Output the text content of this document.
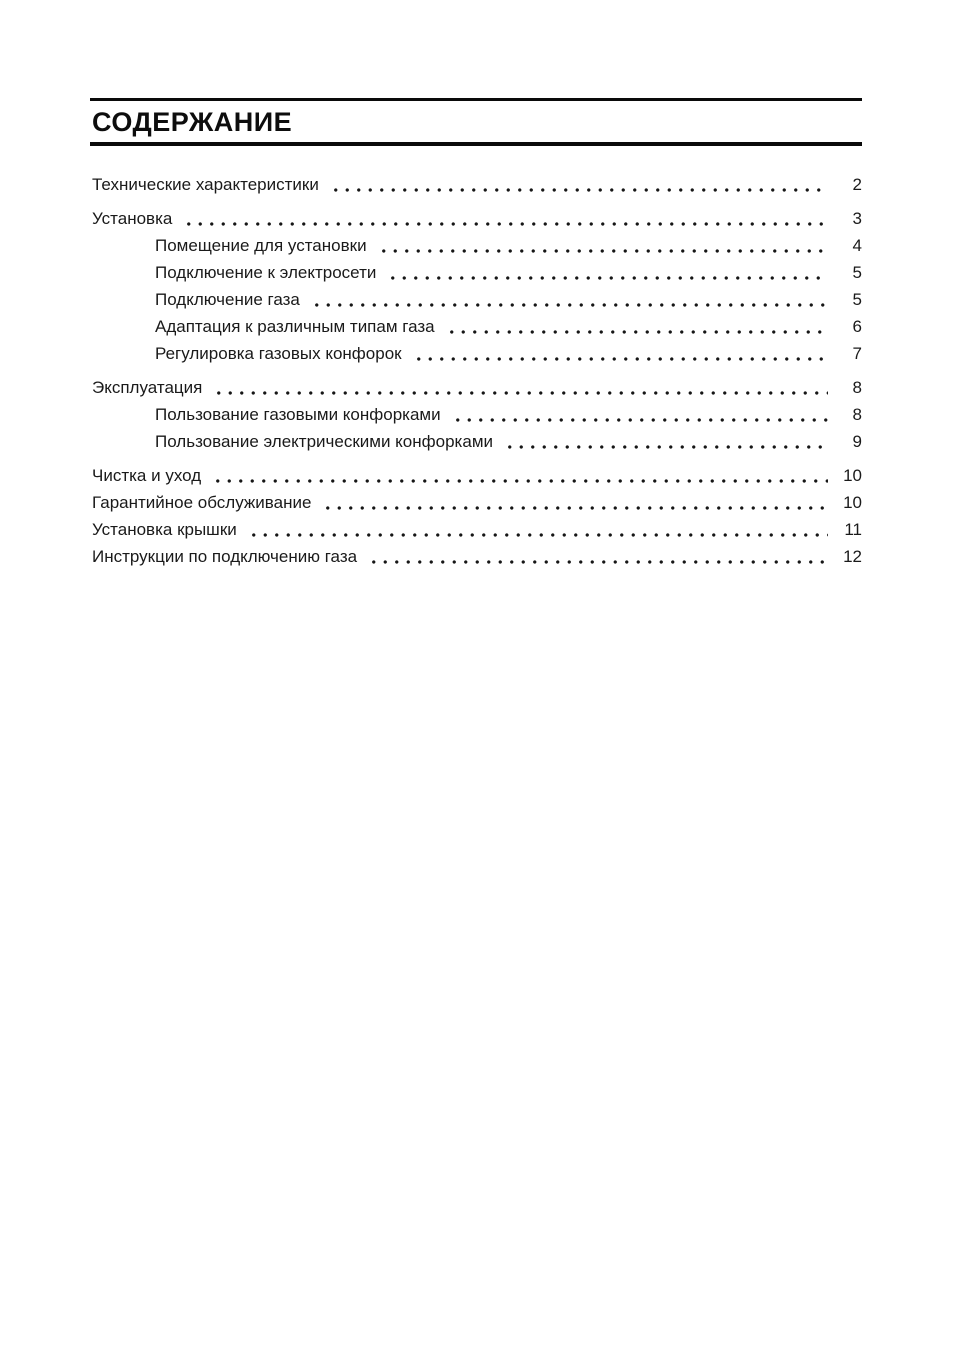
СОДЕРЖАНИЕ
Технические характеристики	2
Установка	3
Помещение для установки	4
Подключение к электросети	5
Подключение газа	5
Адаптация к различным типам газа	6
Регулировка газовых конфорок	7
Эксплуатация	8
Пользование газовыми конфорками	8
Пользование электрическими конфорками	9
Чистка и уход	10
Гарантийное обслуживание	10
Установка крышки	11
Инструкции по подключению газа	12
